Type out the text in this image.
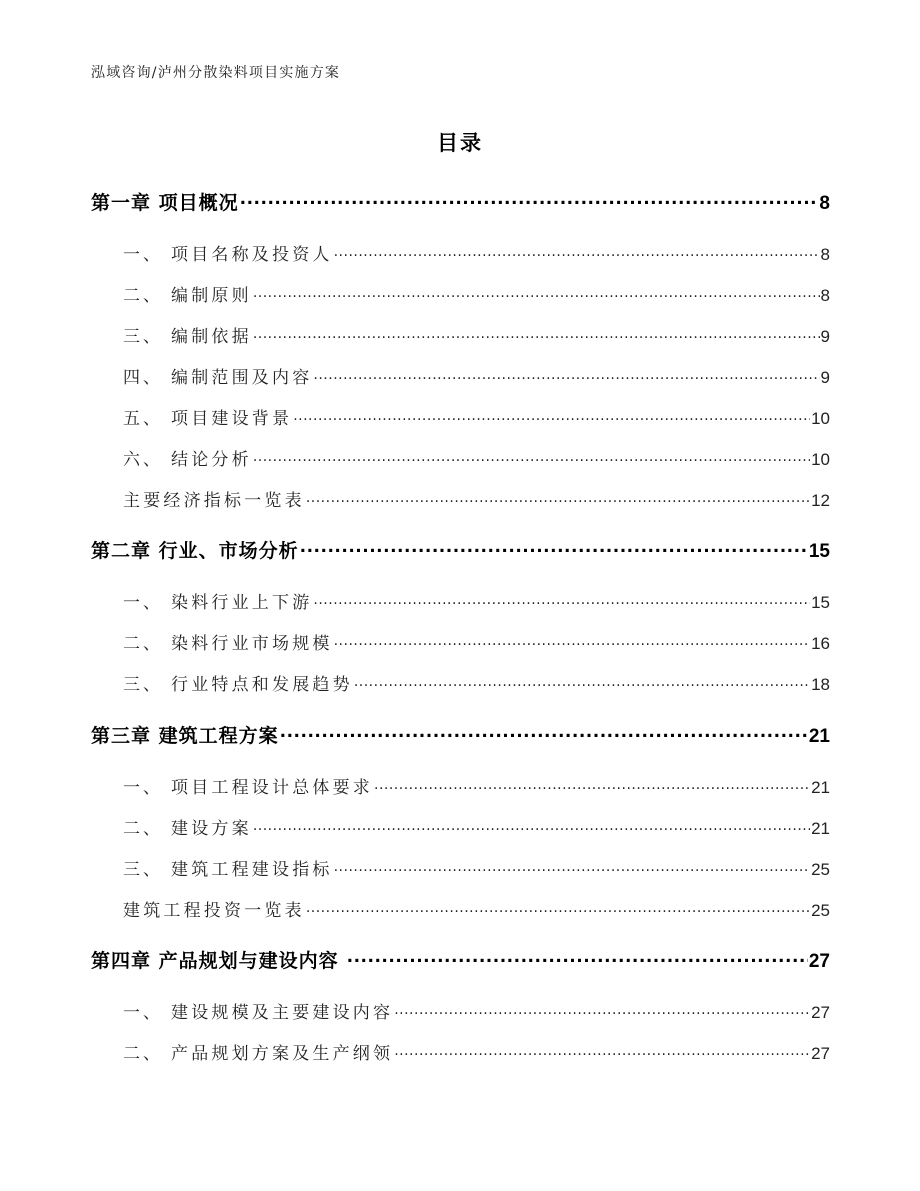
泓域咨询/泸州分散染料项目实施方案
目录
第一章 项目概况 .....	8
一、 项目名称及投资人 .....	8
二、 编制原则 .....	8
三、 编制依据 .....	9
四、 编制范围及内容 .....	9
五、 项目建设背景 .....	10
六、 结论分析 .....	10
主要经济指标一览表 .....	12
第二章 行业、市场分析 .....	15
一、 染料行业上下游 .....	15
二、 染料行业市场规模 .....	16
三、 行业特点和发展趋势 .....	18
第三章 建筑工程方案 .....	21
一、 项目工程设计总体要求 .....	21
二、 建设方案 .....	21
三、 建筑工程建设指标 .....	25
建筑工程投资一览表 .....	25
第四章 产品规划与建设内容 .....	27
一、 建设规模及主要建设内容 .....	27
二、 产品规划方案及生产纲领 .....	27
